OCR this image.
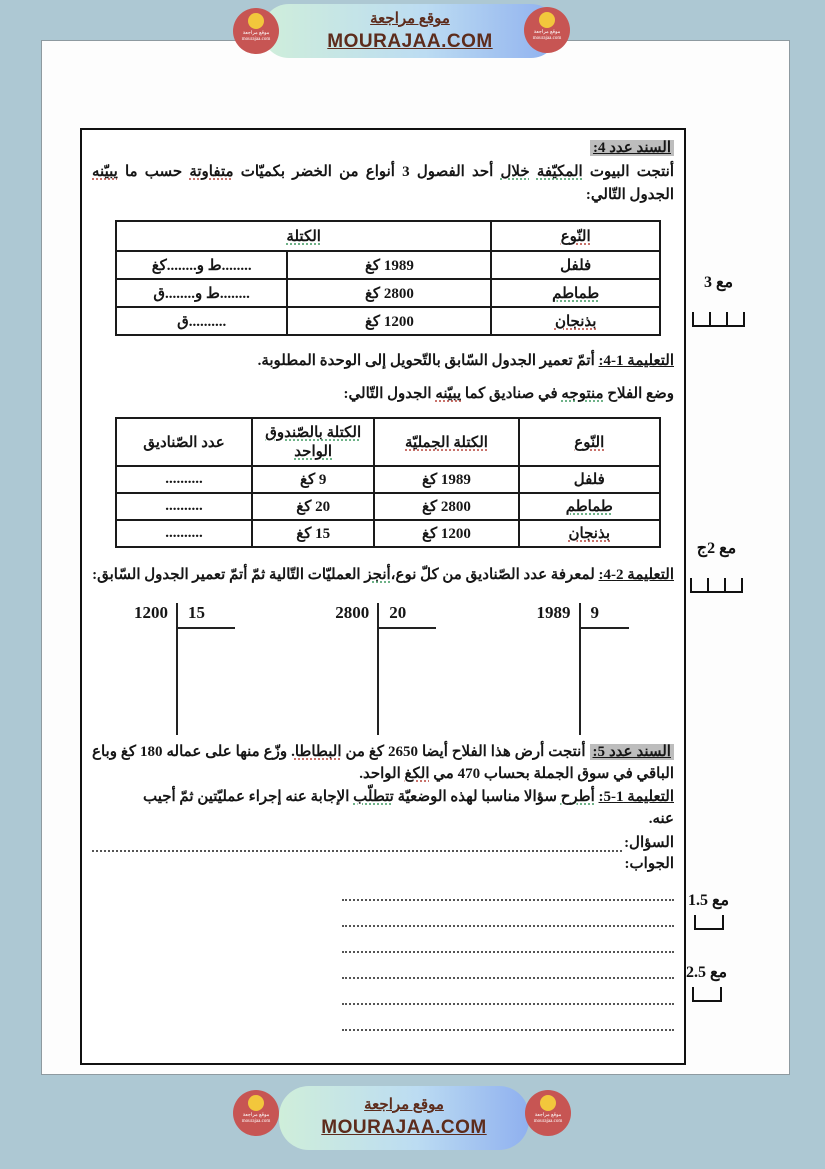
موقع مراجعة
MOURAJAA.COM
موقع مراجعة
mourajaa.com
موقع مراجعة
mourajaa.com
السند عدد 4:
أنتجت البيوت المكيّفة خلال أحد الفصول 3 أنواع من الخضر بكميّات متفاوتة حسب ما يبيّنه الجدول التّالي:
النّوع	الكتلة	
فلفل	1989 كغ	........ط و........كغ
طماطم	2800 كغ	........ط و........ق
بذنجان	1200 كغ	..........ق

التعليمة 1-4: أتمّ تعمير الجدول السّابق بالتّحويل إلى الوحدة المطلوبة.

وضع الفلاح منتوجه في صناديق كما يبيّنه الجدول التّالي:

النّوع	الكتلة الجمليّة	الكتلة بالصّندوق الواحد	عدد الصّناديق
فلفل	1989 كغ	9 كغ	..........
طماطم	2800 كغ	20 كغ	..........
بذنجان	1200 كغ	15 كغ	..........

التعليمة 2-4: لمعرفة عدد الصّناديق من كلّ نوع،أنجز العمليّات التّالية ثمّ أتمّ تعمير الجدول السّابق:

1200	15	2800	20	1989	9

السند عدد 5: أنتجت أرض هذا الفلاح أيضا 2650 كغ من البطاطا. وزّع منها على عماله 180 كغ وباع الباقي في سوق الجملة بحساب 470 مي الكغ الواحد.

التعليمة 1-5: أطرح سؤالا مناسبا لهذه الوضعيّة تتطلّب الإجابة عنه إجراء عمليّتين ثمّ أجيب

عنه.
السؤال:
الجواب:
مع 3
مع 2ج
مع 1.5
مع 2.5
موقع مراجعة
MOURAJAA.COM
موقع مراجعة
mourajaa.com
موقع مراجعة
mourajaa.com
